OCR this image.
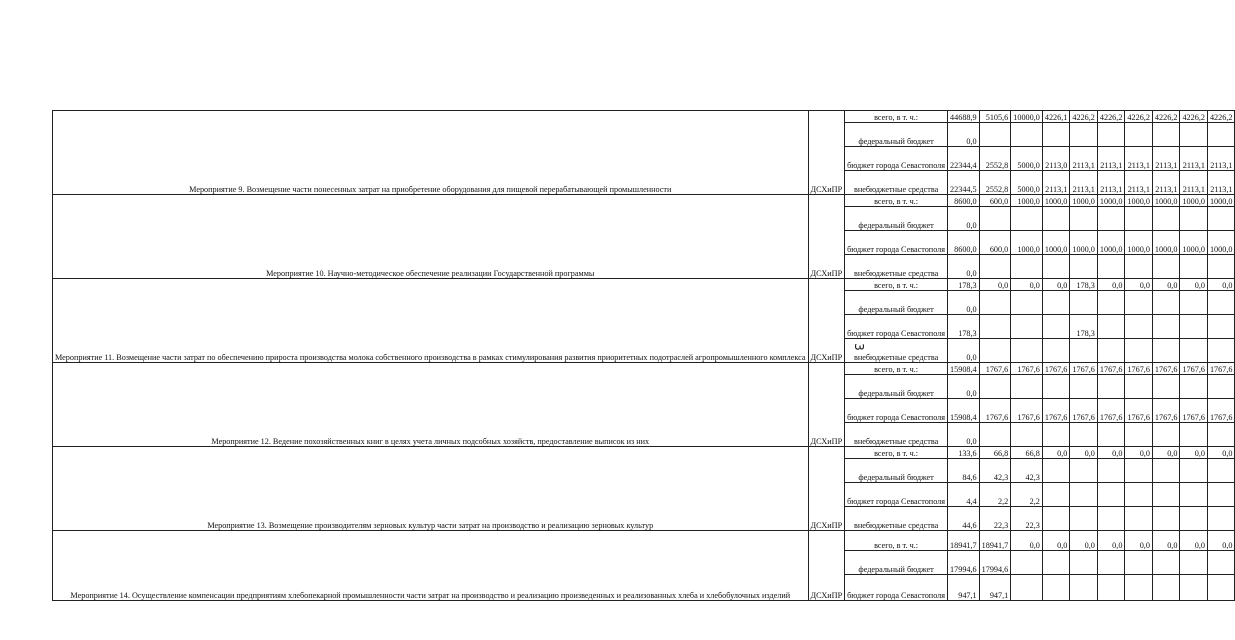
Мероприятие 9. Возмещение части понесенных затрат на приобретение оборудования для пищевой перерабатывающей промышленности	ДСХиПР	всего, в т. ч.:	44688,9	5105,6	10000,0	4226,1	4226,2	4226,2	4226,2	4226,2	4226,2	4226,2
		федеральный бюджет	0,0									
		бюджет города Севастополя	22344,4	2552,8	5000,0	2113,0	2113,1	2113,1	2113,1	2113,1	2113,1	2113,1
		внебюджетные средства	22344,5	2552,8	5000,0	2113,1	2113,1	2113,1	2113,1	2113,1	2113,1	2113,1
Мероприятие 10. Научно-методическое обеспечение реализации Государственной программы	ДСХиПР	всего, в т. ч.:	8600,0	600,0	1000,0	1000,0	1000,0	1000,0	1000,0	1000,0	1000,0	1000,0
		федеральный бюджет	0,0									
		бюджет города Севастополя	8600,0	600,0	1000,0	1000,0	1000,0	1000,0	1000,0	1000,0	1000,0	1000,0
		внебюджетные средства	0,0									
Мероприятие 11. Возмещение части затрат по обеспечению прироста производства молока собственного производства в рамках стимулирования развития приоритетных подотраслей агропромышленного комплекса	ДСХиПР	всего, в т. ч.:	178,3	0,0	0,0	0,0	178,3	0,0	0,0	0,0	0,0	0,0
		федеральный бюджет	0,0									
		бюджет города Севастополя	178,3				178,3					
		внебюджетные средства	0,0									
Мероприятие 12. Ведение похозяйственных книг в целях учета личных подсобных хозяйств, предоставление выписок из них	ДСХиПР	всего, в т. ч.:	15908,4	1767,6	1767,6	1767,6	1767,6	1767,6	1767,6	1767,6	1767,6	1767,6
		федеральный бюджет	0,0									
		бюджет города Севастополя	15908,4	1767,6	1767,6	1767,6	1767,6	1767,6	1767,6	1767,6	1767,6	1767,6
		внебюджетные средства	0,0									
Мероприятие 13. Возмещение производителям зерновых культур части затрат на производство и реализацию зерновых культур	ДСХиПР	всего, в т. ч.:	133,6	66,8	66,8	0,0	0,0	0,0	0,0	0,0	0,0	0,0
		федеральный бюджет	84,6	42,3	42,3							
		бюджет города Севастополя	4,4	2,2	2,2							
		внебюджетные средства	44,6	22,3	22,3							
Мероприятие 14. Осуществление компенсации предприятиям хлебопекарной промышленности части затрат на производство и реализацию произведенных и реализованных хлеба и хлебобулочных изделий	ДСХиПР	всего, в т. ч.:	18941,7	18941,7	0,0	0,0	0,0	0,0	0,0	0,0	0,0	0,0
		федеральный бюджет	17994,6	17994,6								
		бюджет города Севастополя	947,1	947,1								
3
